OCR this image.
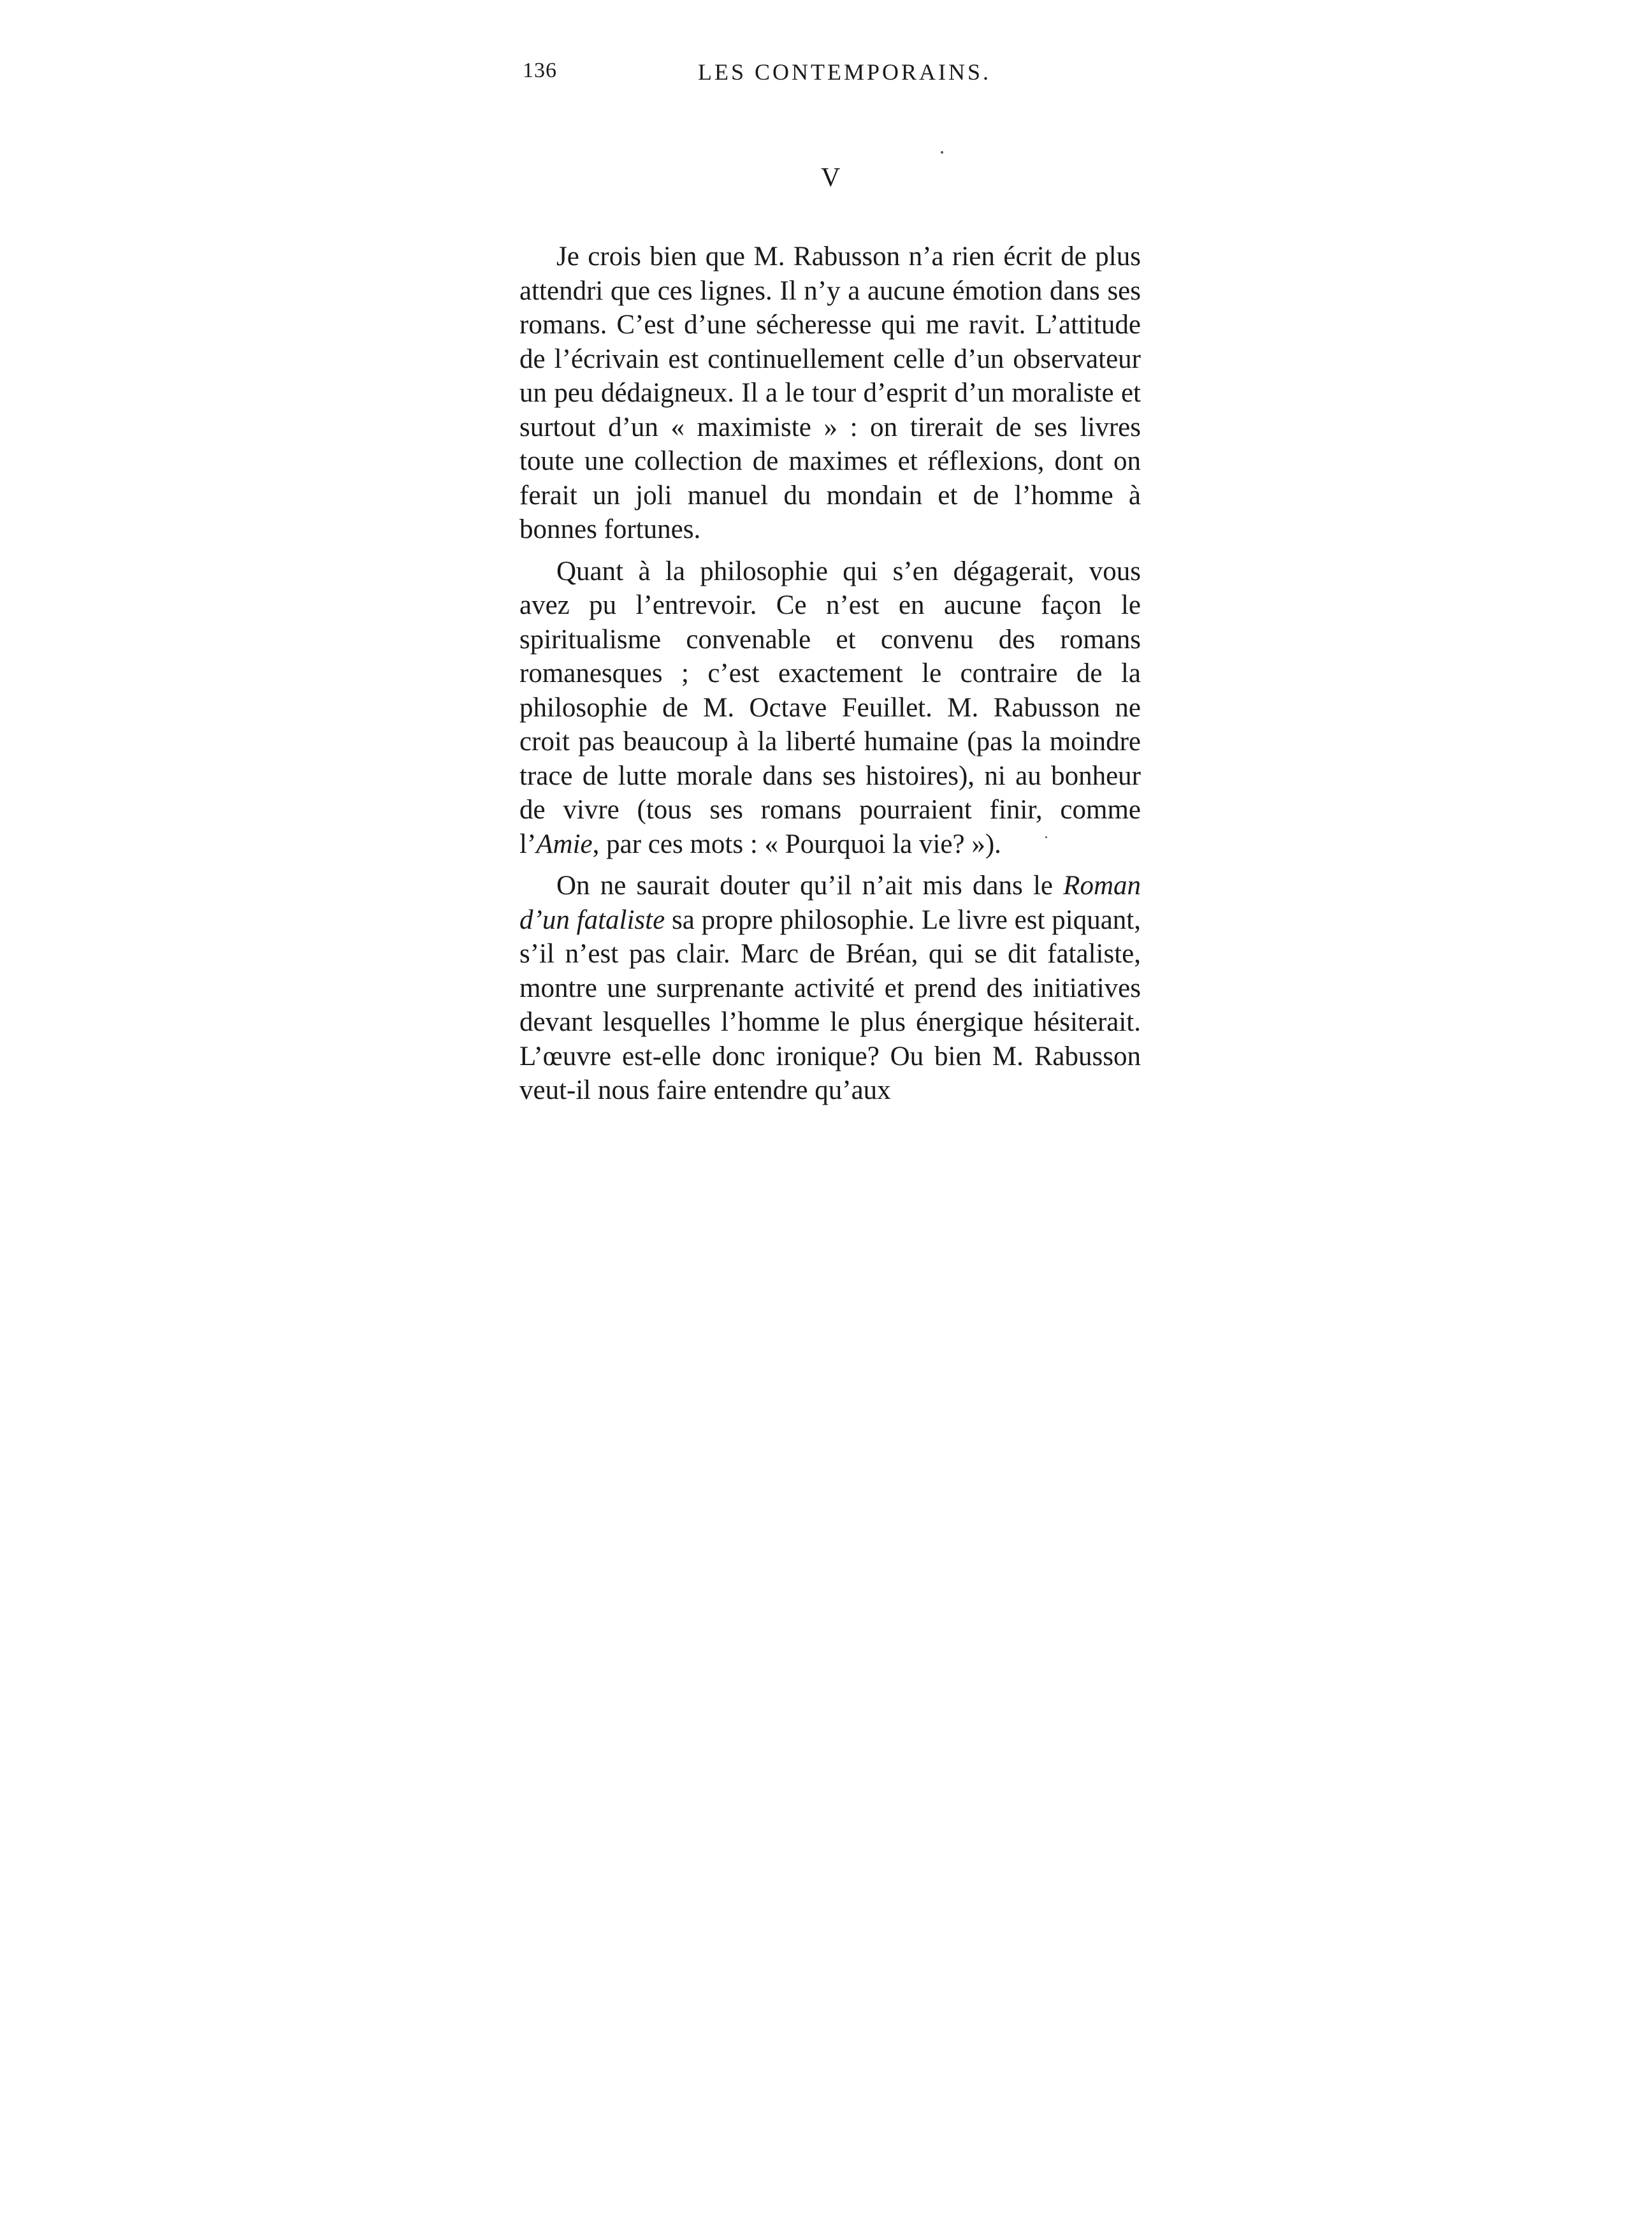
136	LES CONTEMPORAINS.
V

Je crois bien que M. Rabusson n’a rien écrit de plus attendri que ces lignes. Il n’y a aucune émotion dans ses romans. C’est d’une sécheresse qui me ravit. L’attitude de l’écrivain est continuellement celle d’un observateur un peu dédaigneux. Il a le tour d’esprit d’un moraliste et surtout d’un « maximiste » : on tirerait de ses livres toute une collection de maximes et réflexions, dont on ferait un joli manuel du mondain et de l’homme à bonnes fortunes.

Quant à la philosophie qui s’en dégagerait, vous avez pu l’entrevoir. Ce n’est en aucune façon le spiritualisme convenable et convenu des romans romanesques ; c’est exactement le contraire de la philosophie de M. Octave Feuillet. M. Rabusson ne croit pas beaucoup à la liberté humaine (pas la moindre trace de lutte morale dans ses histoires), ni au bonheur de vivre (tous ses romans pourraient finir, comme l’Amie, par ces mots : « Pourquoi la vie? »).

On ne saurait douter qu’il n’ait mis dans le Roman d’un fataliste sa propre philosophie. Le livre est piquant, s’il n’est pas clair. Marc de Bréan, qui se dit fataliste, montre une surprenante activité et prend des initiatives devant lesquelles l’homme le plus énergique hésiterait. L’œuvre est-elle donc ironique? Ou bien M. Rabusson veut-il nous faire entendre qu’aux
